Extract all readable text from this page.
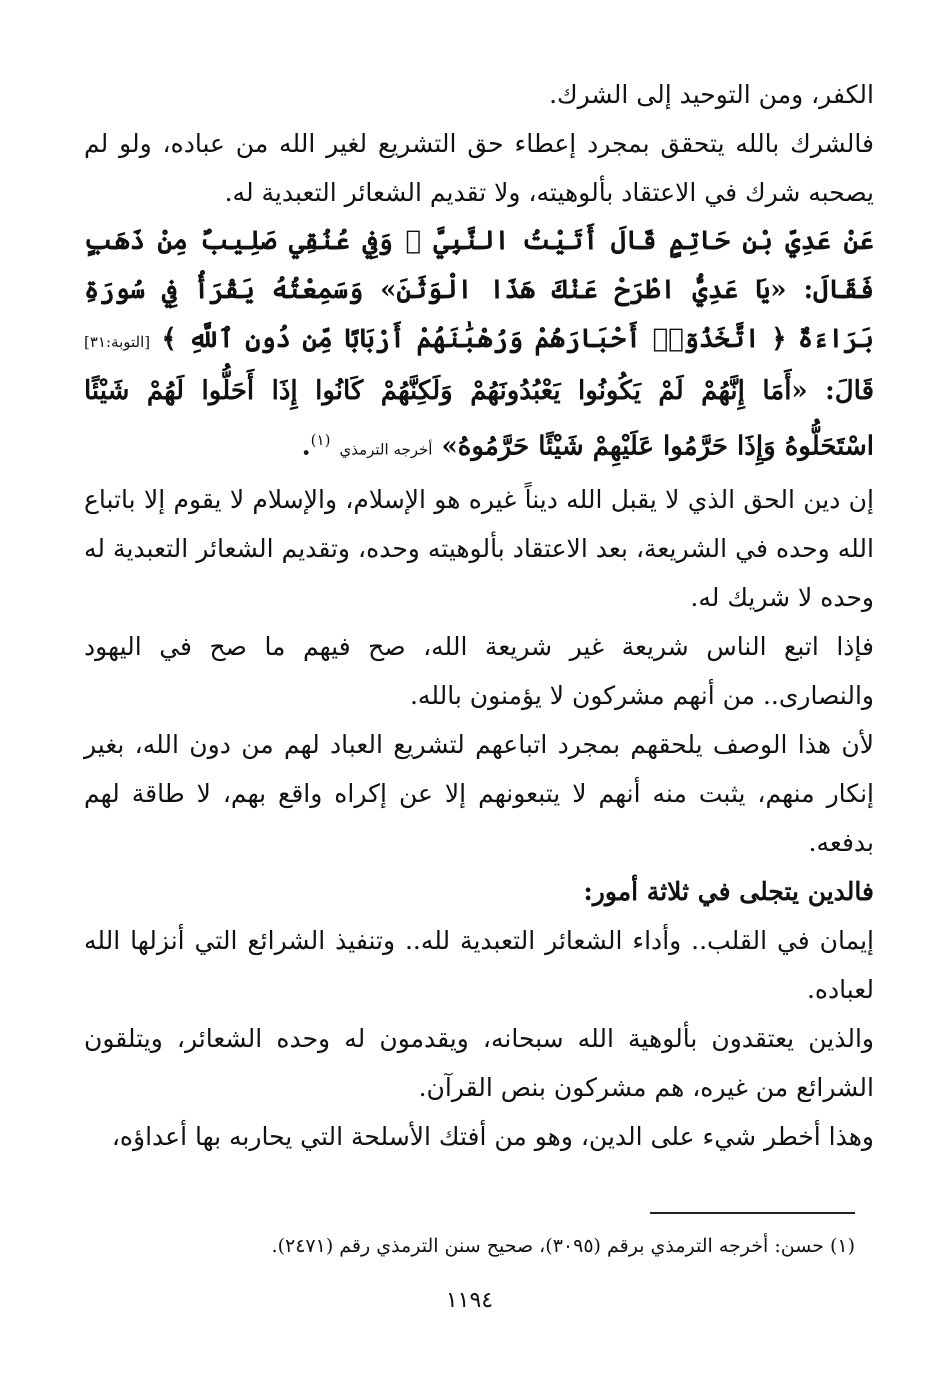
الكفر، ومن التوحيد إلى الشرك.

فالشرك بالله يتحقق بمجرد إعطاء حق التشريع لغير الله من عباده، ولو لم يصحبه شرك في الاعتقاد بألوهيته، ولا تقديم الشعائر التعبدية له.

عَنْ عَدِيِّ بْنِ حَاتِمٍ قَالَ أَتَيْتُ النَّبِيَّ ﷺ وَفِي عُنُقِي صَلِيبٌ مِنْ ذَهَبٍ فَقَالَ: «يَا عَدِيُّ اطْرَحْ عَنْكَ هَذَا الْوَثَنَ» وَسَمِعْتُهُ يَقْرَأُ فِي سُورَةِ بَرَاءَةٌ ﴿ اتَّخَذُوٓا۟ أَحْبَارَهُمْ وَرُهْبَٰنَهُمْ أَرْبَابًا مِّن دُونِ ٱللَّهِ ﴾ [التوبة:٣١] قَالَ: «أَمَا إِنَّهُمْ لَمْ يَكُونُوا يَعْبُدُونَهُمْ وَلَكِنَّهُمْ كَانُوا إِذَا أَحَلُّوا لَهُمْ شَيْئًا اسْتَحَلُّوهُ وَإِذَا حَرَّمُوا عَلَيْهِمْ شَيْئًا حَرَّمُوهُ» أخرجه الترمذي $^{(١)}$.

إن دين الحق الذي لا يقبل الله ديناً غيره هو الإسلام، والإسلام لا يقوم إلا باتباع الله وحده في الشريعة، بعد الاعتقاد بألوهيته وحده، وتقديم الشعائر التعبدية له وحده لا شريك له.

فإذا اتبع الناس شريعة غير شريعة الله، صح فيهم ما صح في اليهود والنصارى.. من أنهم مشركون لا يؤمنون بالله.

لأن هذا الوصف يلحقهم بمجرد اتباعهم لتشريع العباد لهم من دون الله، بغير إنكار منهم، يثبت منه أنهم لا يتبعونهم إلا عن إكراه واقع بهم، لا طاقة لهم بدفعه.

فالدين يتجلى في ثلاثة أمور:

إيمان في القلب.. وأداء الشعائر التعبدية لله.. وتنفيذ الشرائع التي أنزلها الله لعباده.

والذين يعتقدون بألوهية الله سبحانه، ويقدمون له وحده الشعائر، ويتلقون الشرائع من غيره، هم مشركون بنص القرآن.

وهذا أخطر شيء على الدين، وهو من أفتك الأسلحة التي يحاربه بها أعداؤه،

(١) حسن: أخرجه الترمذي برقم (٣٠٩٥)، صحيح سنن الترمذي رقم (٢٤٧١).
١١٩٤
